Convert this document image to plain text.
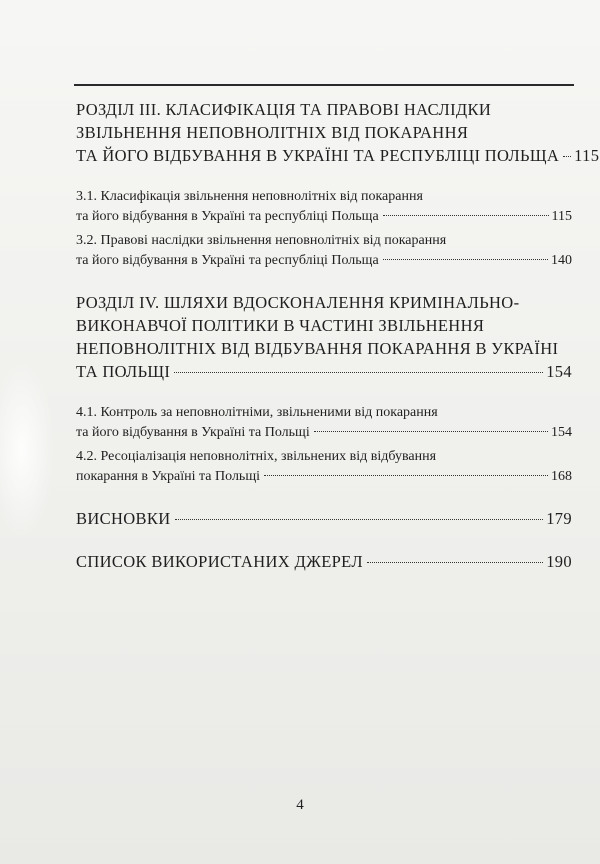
РОЗДІЛ III. КЛАСИФІКАЦІЯ ТА ПРАВОВІ НАСЛІДКИ
ЗВІЛЬНЕННЯ НЕПОВНОЛІТНІХ ВІД ПОКАРАННЯ
ТА ЙОГО ВІДБУВАННЯ В УКРАЇНІ ТА РЕСПУБЛІЦІ ПОЛЬЩА 115
3.1. Класифікація звільнення неповнолітніх від покарання
та його відбування в Україні та республіці Польща	115
3.2. Правові наслідки звільнення неповнолітніх від покарання
та його відбування в Україні та республіці Польща	140
РОЗДІЛ IV. ШЛЯХИ ВДОСКОНАЛЕННЯ КРИМІНАЛЬНО-
ВИКОНАВЧОЇ ПОЛІТИКИ В ЧАСТИНІ ЗВІЛЬНЕННЯ
НЕПОВНОЛІТНІХ ВІД ВІДБУВАННЯ ПОКАРАННЯ В УКРАЇНІ
ТА ПОЛЬЩІ	154
4.1. Контроль за неповнолітніми, звільненими від покарання
та його відбування в Україні та Польщі	154
4.2. Ресоціалізація неповнолітніх, звільнених від відбування
покарання в Україні та Польщі	168
ВИСНОВКИ	179
СПИСОК ВИКОРИСТАНИХ ДЖЕРЕЛ	190
4
